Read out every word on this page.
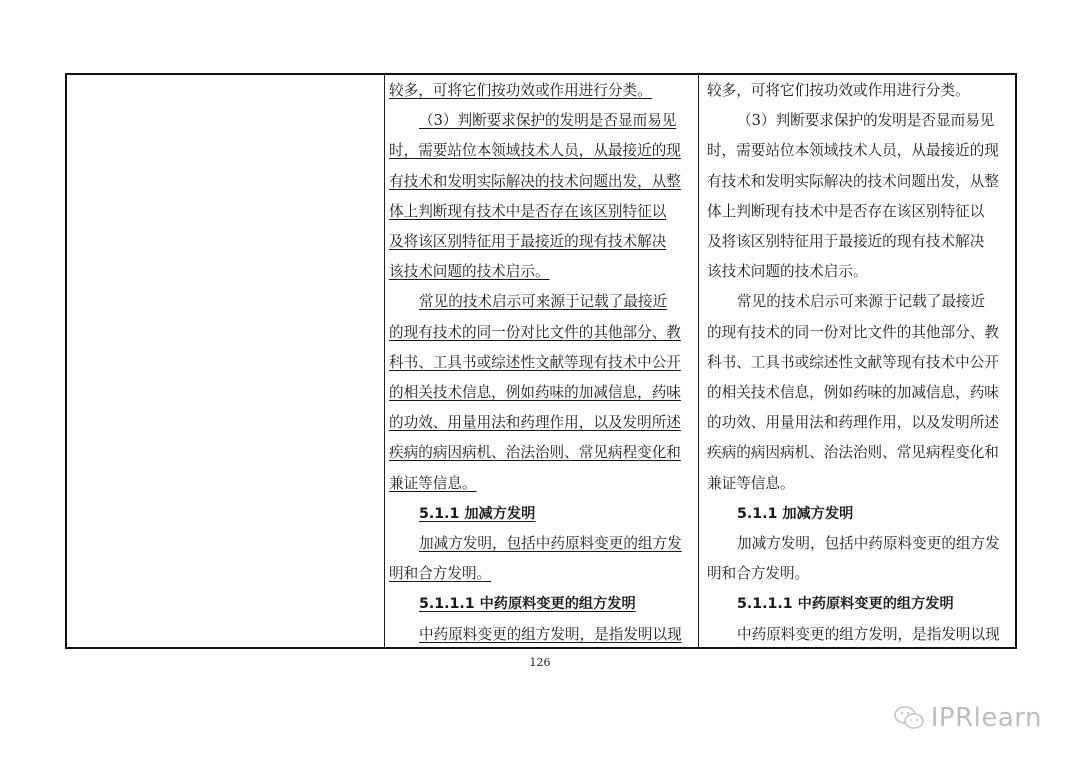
较多，可将它们按功效或作用进行分类。
（3）判断要求保护的发明是否显而易见
时，需要站位本领域技术人员，从最接近的现
有技术和发明实际解决的技术问题出发，从整
体上判断现有技术中是否存在该区别特征以
及将该区别特征用于最接近的现有技术解决
该技术问题的技术启示。
常见的技术启示可来源于记载了最接近
的现有技术的同一份对比文件的其他部分、教
科书、工具书或综述性文献等现有技术中公开
的相关技术信息，例如药味的加减信息，药味
的功效、用量用法和药理作用，以及发明所述
疾病的病因病机、治法治则、常见病程变化和
兼证等信息。
5.1.1 加减方发明
加减方发明，包括中药原料变更的组方发
明和合方发明。
5.1.1.1 中药原料变更的组方发明
中药原料变更的组方发明，是指发明以现
较多，可将它们按功效或作用进行分类。
（3）判断要求保护的发明是否显而易见
时，需要站位本领域技术人员，从最接近的现
有技术和发明实际解决的技术问题出发，从整
体上判断现有技术中是否存在该区别特征以
及将该区别特征用于最接近的现有技术解决
该技术问题的技术启示。
常见的技术启示可来源于记载了最接近
的现有技术的同一份对比文件的其他部分、教
科书、工具书或综述性文献等现有技术中公开
的相关技术信息，例如药味的加减信息，药味
的功效、用量用法和药理作用，以及发明所述
疾病的病因病机、治法治则、常见病程变化和
兼证等信息。
5.1.1 加减方发明
加减方发明，包括中药原料变更的组方发
明和合方发明。
5.1.1.1 中药原料变更的组方发明
中药原料变更的组方发明，是指发明以现
126
IPRlearn
